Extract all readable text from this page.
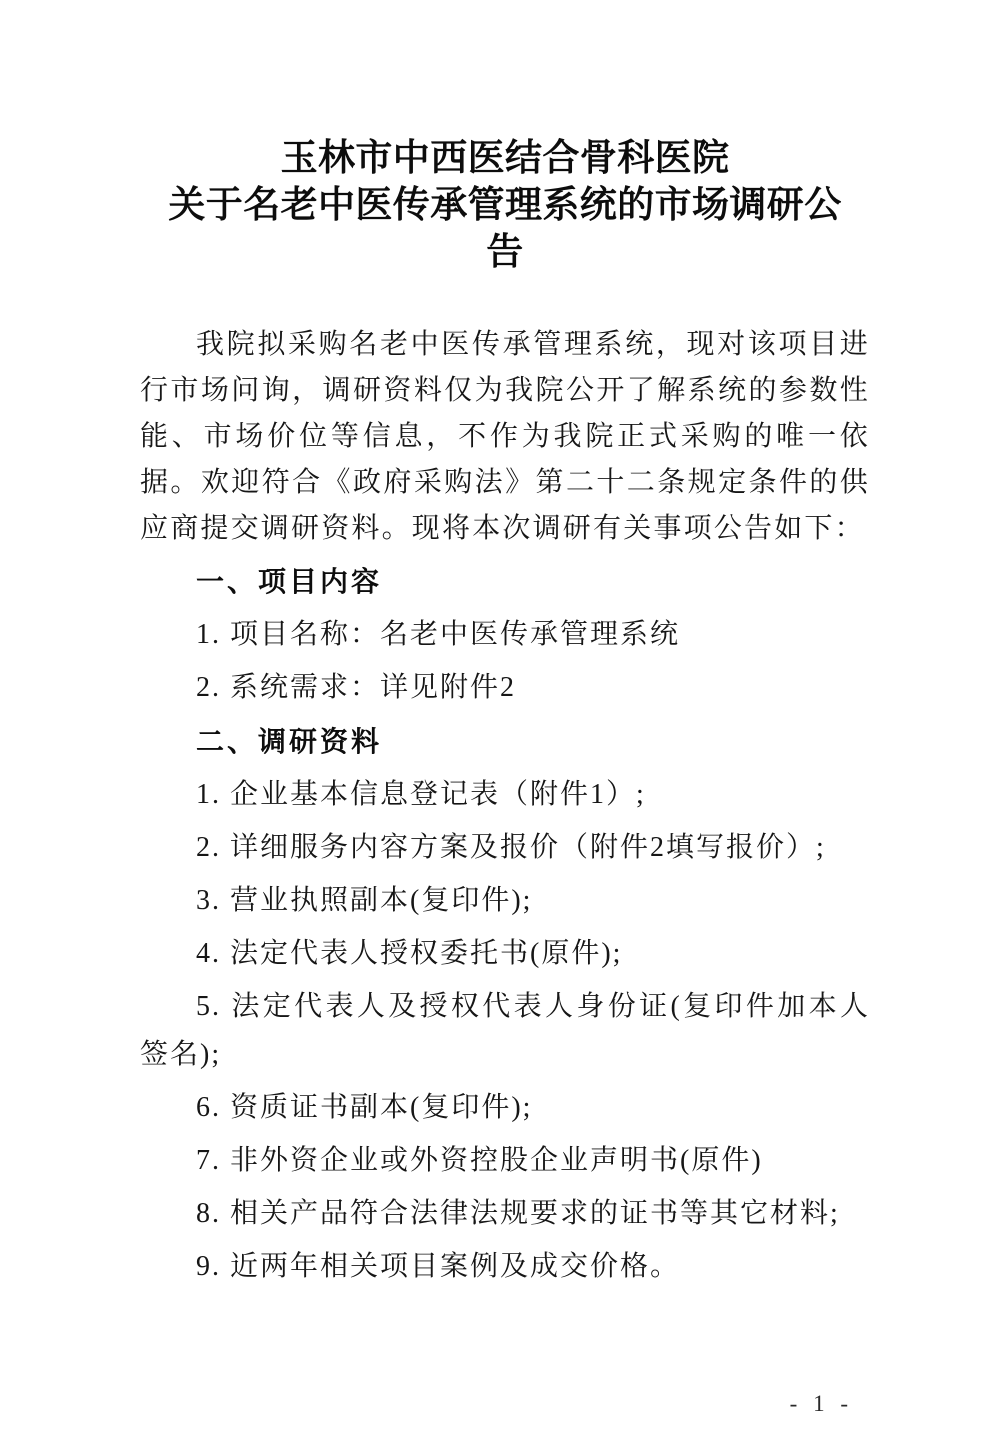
玉林市中西医结合骨科医院
关于名老中医传承管理系统的市场调研公告

我院拟采购名老中医传承管理系统，现对该项目进行市场问询，调研资料仅为我院公开了解系统的参数性能、市场价位等信息，不作为我院正式采购的唯一依据。欢迎符合《政府采购法》第二十二条规定条件的供应商提交调研资料。现将本次调研有关事项公告如下：

一、项目内容

1. 项目名称：名老中医传承管理系统

2. 系统需求：详见附件2

二、调研资料

1. 企业基本信息登记表（附件1）;

2. 详细服务内容方案及报价（附件2填写报价）;

3. 营业执照副本(复印件);

4. 法定代表人授权委托书(原件);

5. 法定代表人及授权代表人身份证(复印件加本人签名);

6. 资质证书副本(复印件);

7. 非外资企业或外资控股企业声明书(原件)

8. 相关产品符合法律法规要求的证书等其它材料;

9. 近两年相关项目案例及成交价格。

- 1 -
